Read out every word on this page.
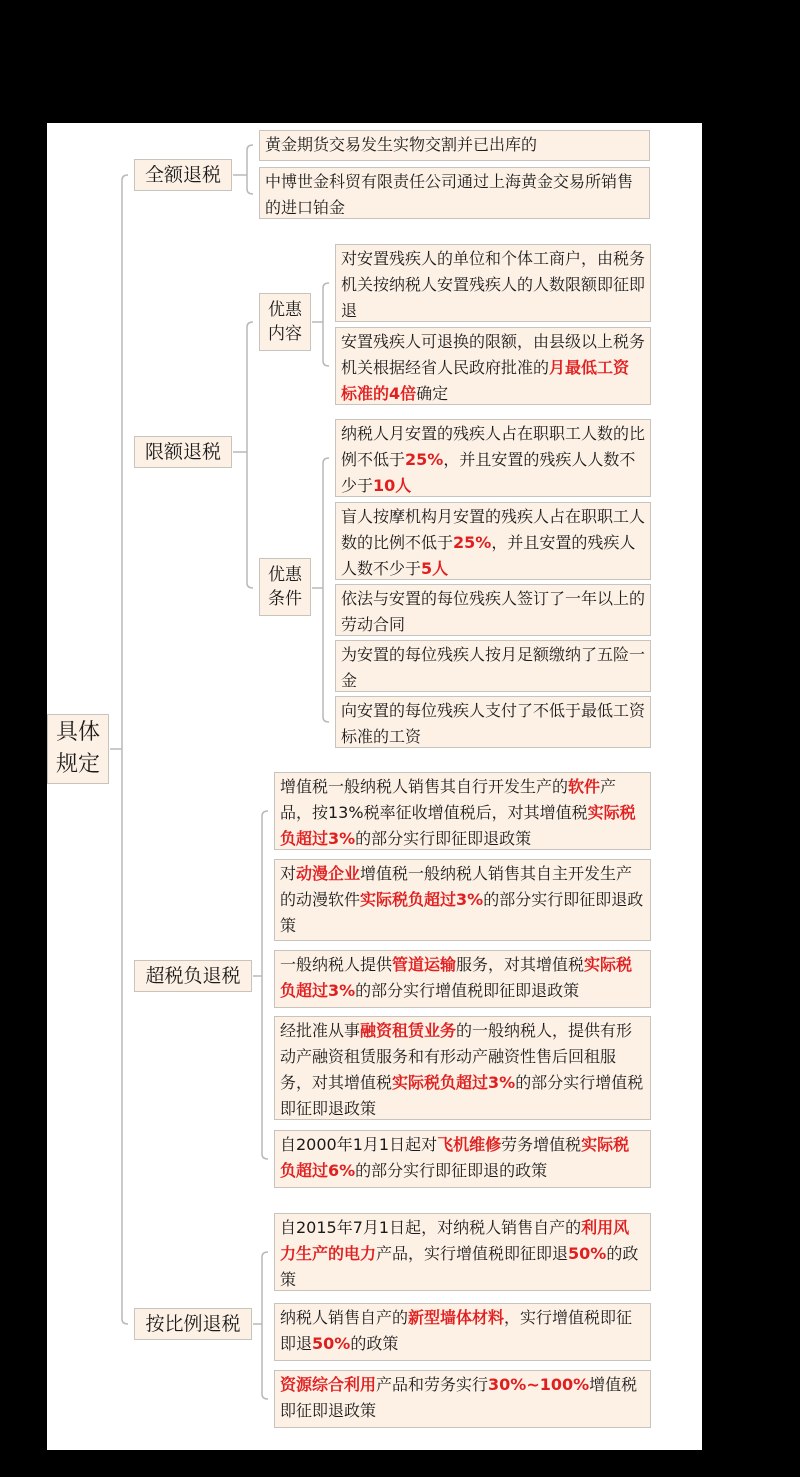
具体
规定
全额退税
黄金期货交易发生实物交割并已出库的
中博世金科贸有限责任公司通过上海黄金交易所销售的进口铂金
限额退税
优惠
内容
对安置残疾人的单位和个体工商户，由税务机关按纳税人安置残疾人的人数限额即征即退
安置残疾人可退换的限额，由县级以上税务机关根据经省人民政府批准的月最低工资标准的4倍确定
优惠
条件
纳税人月安置的残疾人占在职职工人数的比例不低于25%，并且安置的残疾人人数不少于10人
盲人按摩机构月安置的残疾人占在职职工人数的比例不低于25%，并且安置的残疾人人数不少于5人
依法与安置的每位残疾人签订了一年以上的劳动合同
为安置的每位残疾人按月足额缴纳了五险一金
向安置的每位残疾人支付了不低于最低工资标准的工资
超税负退税
增值税一般纳税人销售其自行开发生产的软件产品，按13%税率征收增值税后，对其增值税实际税负超过3%的部分实行即征即退政策
对动漫企业增值税一般纳税人销售其自主开发生产的动漫软件实际税负超过3%的部分实行即征即退政策
一般纳税人提供管道运输服务，对其增值税实际税负超过3%的部分实行增值税即征即退政策
经批准从事融资租赁业务的一般纳税人，提供有形动产融资租赁服务和有形动产融资性售后回租服务，对其增值税实际税负超过3%的部分实行增值税即征即退政策
自2000年1月1日起对飞机维修劳务增值税实际税负超过6%的部分实行即征即退的政策
按比例退税
自2015年7月1日起，对纳税人销售自产的利用风力生产的电力产品，实行增值税即征即退50%的政策
纳税人销售自产的新型墙体材料，实行增值税即征即退50%的政策
资源综合利用产品和劳务实行30%~100%增值税即征即退政策
